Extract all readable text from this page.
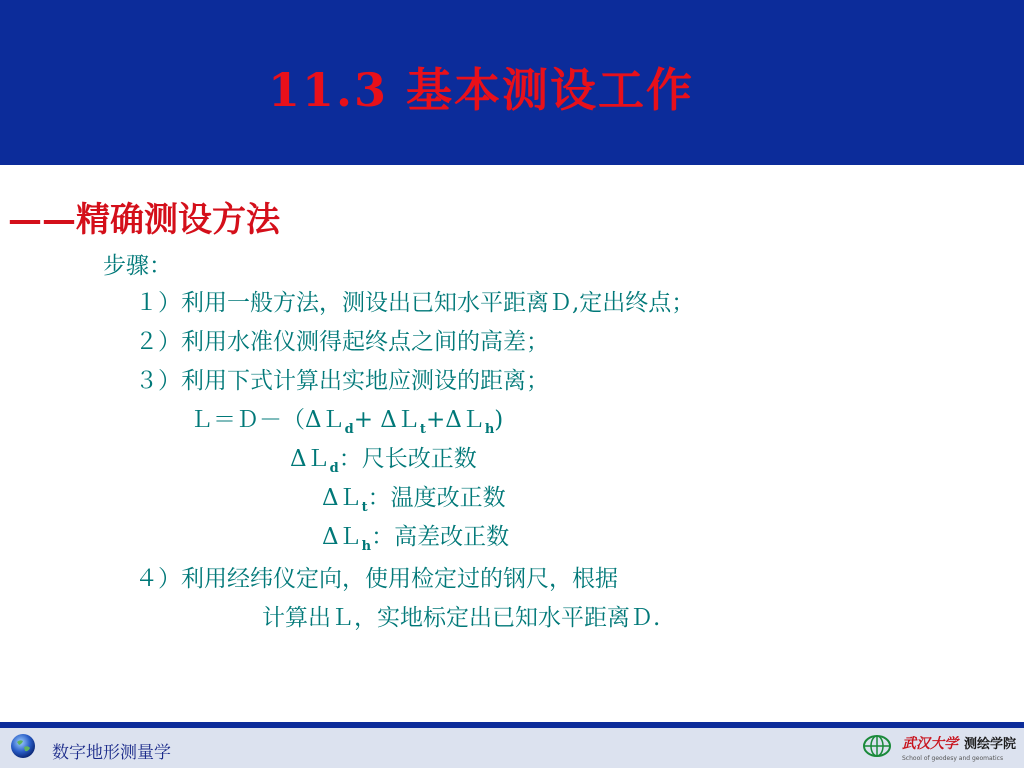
11.3 基本测设工作
——精确测设方法
步骤：
１）利用一般方法，测设出已知水平距离Ｄ,定出终点；
２）利用水准仪测得起终点之间的高差；
３）利用下式计算出实地应测设的距离；
Ｌ＝Ｄ－（ΔＬ$_d$+ ΔＬ$_t$+ΔＬ$_h$)
ΔＬ$_d$：尺长改正数
ΔＬ$_t$：温度改正数
ΔＬ$_h$：高差改正数
４）利用经纬仪定向，使用检定过的钢尺，根据
计算出Ｌ，实地标定出已知水平距离Ｄ.
数字地形测量学	武汉大学 测绘学院
School of geodesy and geomatics
